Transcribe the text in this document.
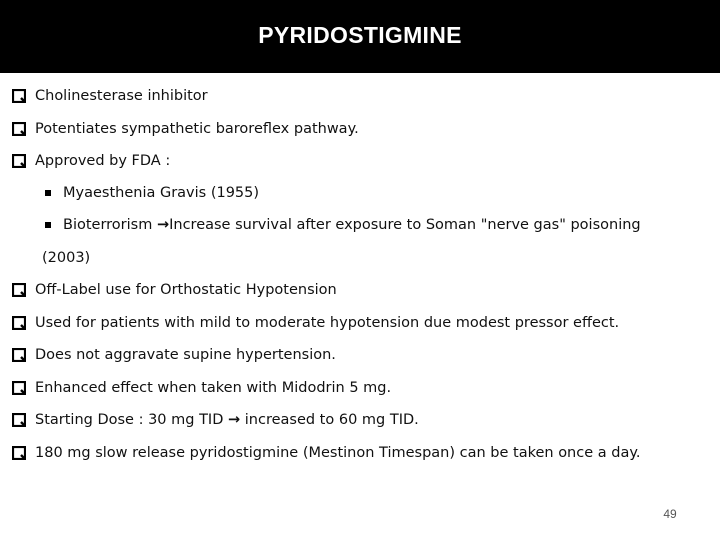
PYRIDOSTIGMINE
Cholinesterase inhibitor
Potentiates sympathetic baroreflex pathway.
Approved by FDA :
Myaesthenia Gravis (1955)
Bioterrorism →Increase survival after exposure to Soman "nerve gas" poisoning
(2003)
Off-Label use for Orthostatic Hypotension
Used for patients with mild to moderate hypotension due modest pressor effect.
Does not aggravate supine hypertension.
Enhanced effect when taken with Midodrin 5 mg.
Starting Dose : 30 mg TID → increased to 60 mg TID.
180 mg slow release pyridostigmine (Mestinon Timespan) can be taken once a day.
49
